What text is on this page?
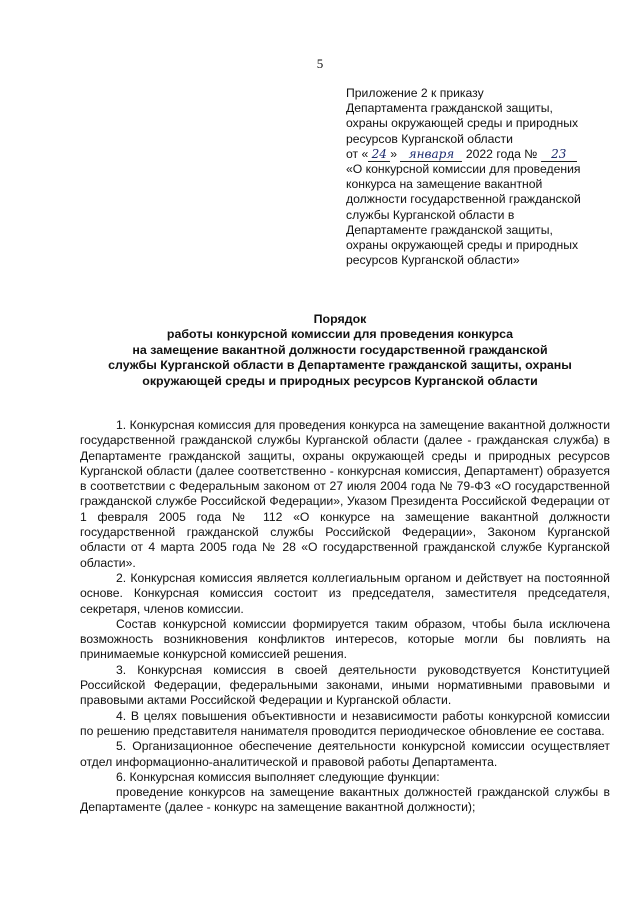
5
Приложение 2 к приказу
Департамента гражданской защиты,
охраны окружающей среды и природных
ресурсов Курганской области
от « 24 » января 2022 года № 23
«О конкурсной комиссии для проведения
конкурса на замещение вакантной
должности государственной гражданской
службы Курганской области в
Департаменте гражданской защиты,
охраны окружающей среды и природных
ресурсов Курганской области»
Порядок
работы конкурсной комиссии для проведения конкурса
на замещение вакантной должности государственной гражданской
службы Курганской области в Департаменте гражданской защиты, охраны
окружающей среды и природных ресурсов Курганской области

1. Конкурсная комиссия для проведения конкурса на замещение вакантной должности государственной гражданской службы Курганской области (далее - гражданская служба) в Департаменте гражданской защиты, охраны окружающей среды и природных ресурсов Курганской области (далее соответственно - конкурсная комиссия, Департамент) образуется в соответствии с Федеральным законом от 27 июля 2004 года № 79-ФЗ «О государственной гражданской службе Российской Федерации», Указом Президента Российской Федерации от 1 февраля 2005 года № 112 «О конкурсе на замещение вакантной должности государственной гражданской службы Российской Федерации», Законом Курганской области от 4 марта 2005 года № 28 «О государственной гражданской службе Курганской области».

2. Конкурсная комиссия является коллегиальным органом и действует на постоянной основе. Конкурсная комиссия состоит из председателя, заместителя председателя, секретаря, членов комиссии.

Состав конкурсной комиссии формируется таким образом, чтобы была исключена возможность возникновения конфликтов интересов, которые могли бы повлиять на принимаемые конкурсной комиссией решения.

3. Конкурсная комиссия в своей деятельности руководствуется Конституцией Российской Федерации, федеральными законами, иными нормативными правовыми и правовыми актами Российской Федерации и Курганской области.

4. В целях повышения объективности и независимости работы конкурсной комиссии по решению представителя нанимателя проводится периодическое обновление ее состава.

5. Организационное обеспечение деятельности конкурсной комиссии осуществляет отдел информационно-аналитической и правовой работы Департамента.

6. Конкурсная комиссия выполняет следующие функции:

проведение конкурсов на замещение вакантных должностей гражданской службы в Департаменте (далее - конкурс на замещение вакантной должности);
